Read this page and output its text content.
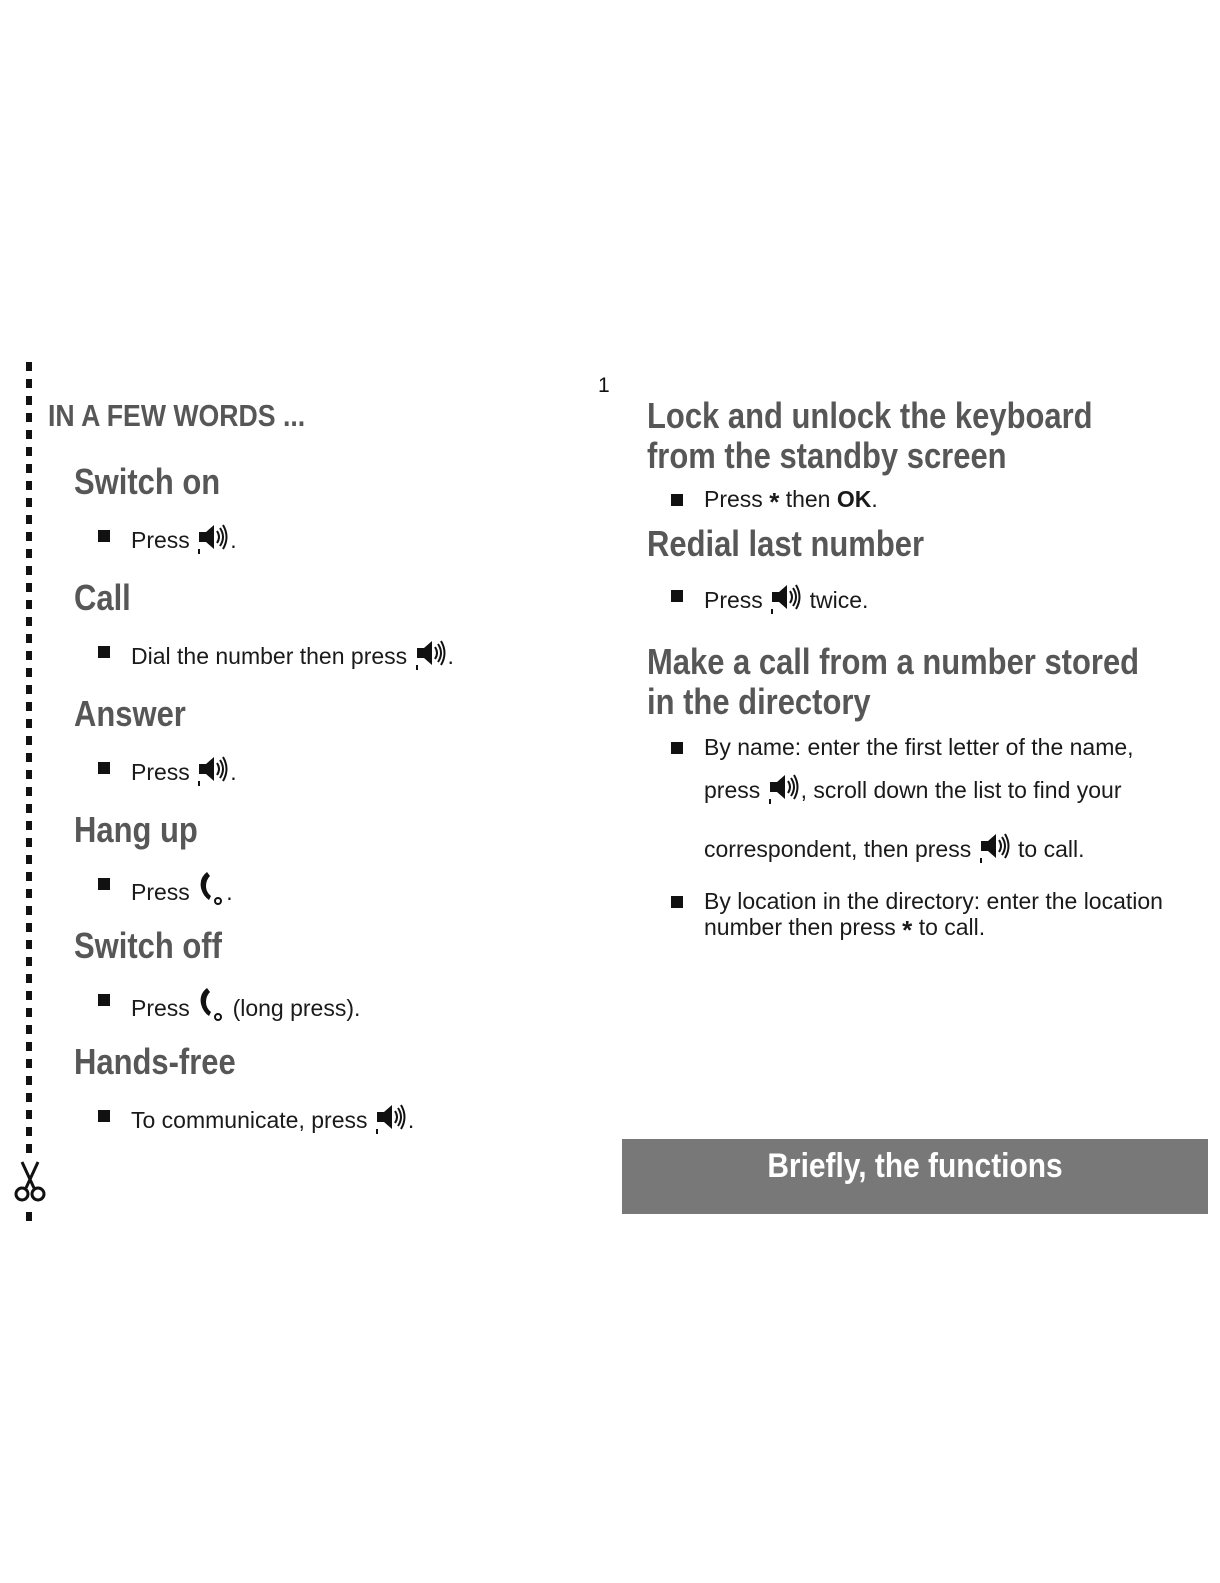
1
IN A FEW WORDS ...
Switch on
Press .
Call
Dial the number then press .
Answer
Press .
Hang up
Press .
Switch off
Press  (long press).
Hands-free
To communicate, press .
Lock and unlock the keyboard
from the standby screen
Press * then OK.
Redial last number
Press  twice.
Make a call from a number stored
in the directory
By name: enter the first letter of the name,
press , scroll down the list to find your
correspondent, then press  to call.
By location in the directory: enter the location
number then press * to call.
Briefly, the functions
